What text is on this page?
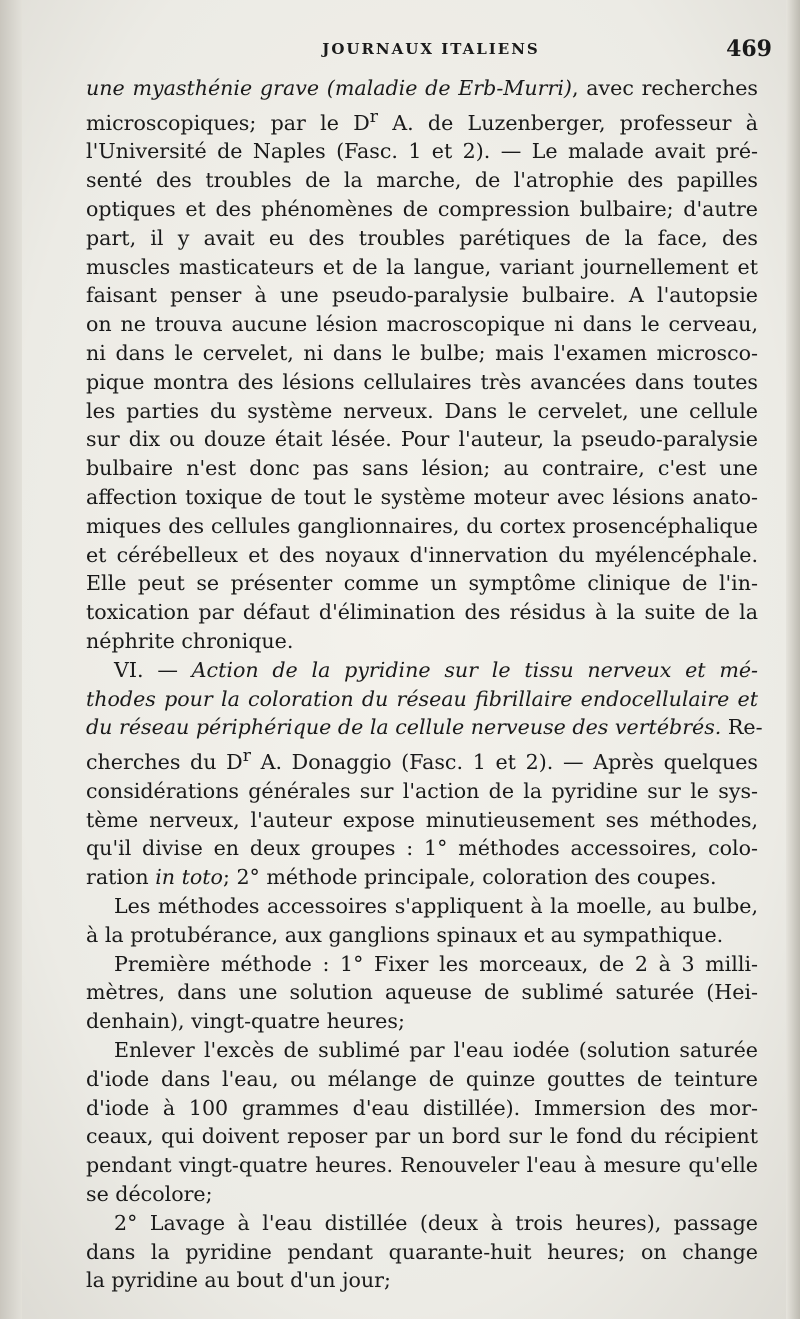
JOURNAUX ITALIENS	469
une myasthénie grave (maladie de Erb-Murri), avec recherches
microscopiques; par le $D^r$ A. de Luzenberger, professeur à
l'Université de Naples (Fasc. 1 et 2). — Le malade avait pré-
senté des troubles de la marche, de l'atrophie des papilles
optiques et des phénomènes de compression bulbaire; d'autre
part, il y avait eu des troubles parétiques de la face, des
muscles masticateurs et de la langue, variant journellement et
faisant penser à une pseudo-paralysie bulbaire. A l'autopsie
on ne trouva aucune lésion macroscopique ni dans le cerveau,
ni dans le cervelet, ni dans le bulbe; mais l'examen microsco-
pique montra des lésions cellulaires très avancées dans toutes
les parties du système nerveux. Dans le cervelet, une cellule
sur dix ou douze était lésée. Pour l'auteur, la pseudo-paralysie
bulbaire n'est donc pas sans lésion; au contraire, c'est une
affection toxique de tout le système moteur avec lésions anato-
miques des cellules ganglionnaires, du cortex prosencéphalique
et cérébelleux et des noyaux d'innervation du myélencéphale.
Elle peut se présenter comme un symptôme clinique de l'in-
toxication par défaut d'élimination des résidus à la suite de la
néphrite chronique.
VI. — Action de la pyridine sur le tissu nerveux et mé-
thodes pour la coloration du réseau fibrillaire endocellulaire et
du réseau périphérique de la cellule nerveuse des vertébrés. Re-
cherches du $D^r$ A. Donaggio (Fasc. 1 et 2). — Après quelques
considérations générales sur l'action de la pyridine sur le sys-
tème nerveux, l'auteur expose minutieusement ses méthodes,
qu'il divise en deux groupes : 1° méthodes accessoires, colo-
ration in toto; 2° méthode principale, coloration des coupes.
Les méthodes accessoires s'appliquent à la moelle, au bulbe,
à la protubérance, aux ganglions spinaux et au sympathique.
Première méthode : 1° Fixer les morceaux, de 2 à 3 milli-
mètres, dans une solution aqueuse de sublimé saturée (Hei-
denhain), vingt-quatre heures;
Enlever l'excès de sublimé par l'eau iodée (solution saturée
d'iode dans l'eau, ou mélange de quinze gouttes de teinture
d'iode à 100 grammes d'eau distillée). Immersion des mor-
ceaux, qui doivent reposer par un bord sur le fond du récipient
pendant vingt-quatre heures. Renouveler l'eau à mesure qu'elle
se décolore;
2° Lavage à l'eau distillée (deux à trois heures), passage
dans la pyridine pendant quarante-huit heures; on change
la pyridine au bout d'un jour;
